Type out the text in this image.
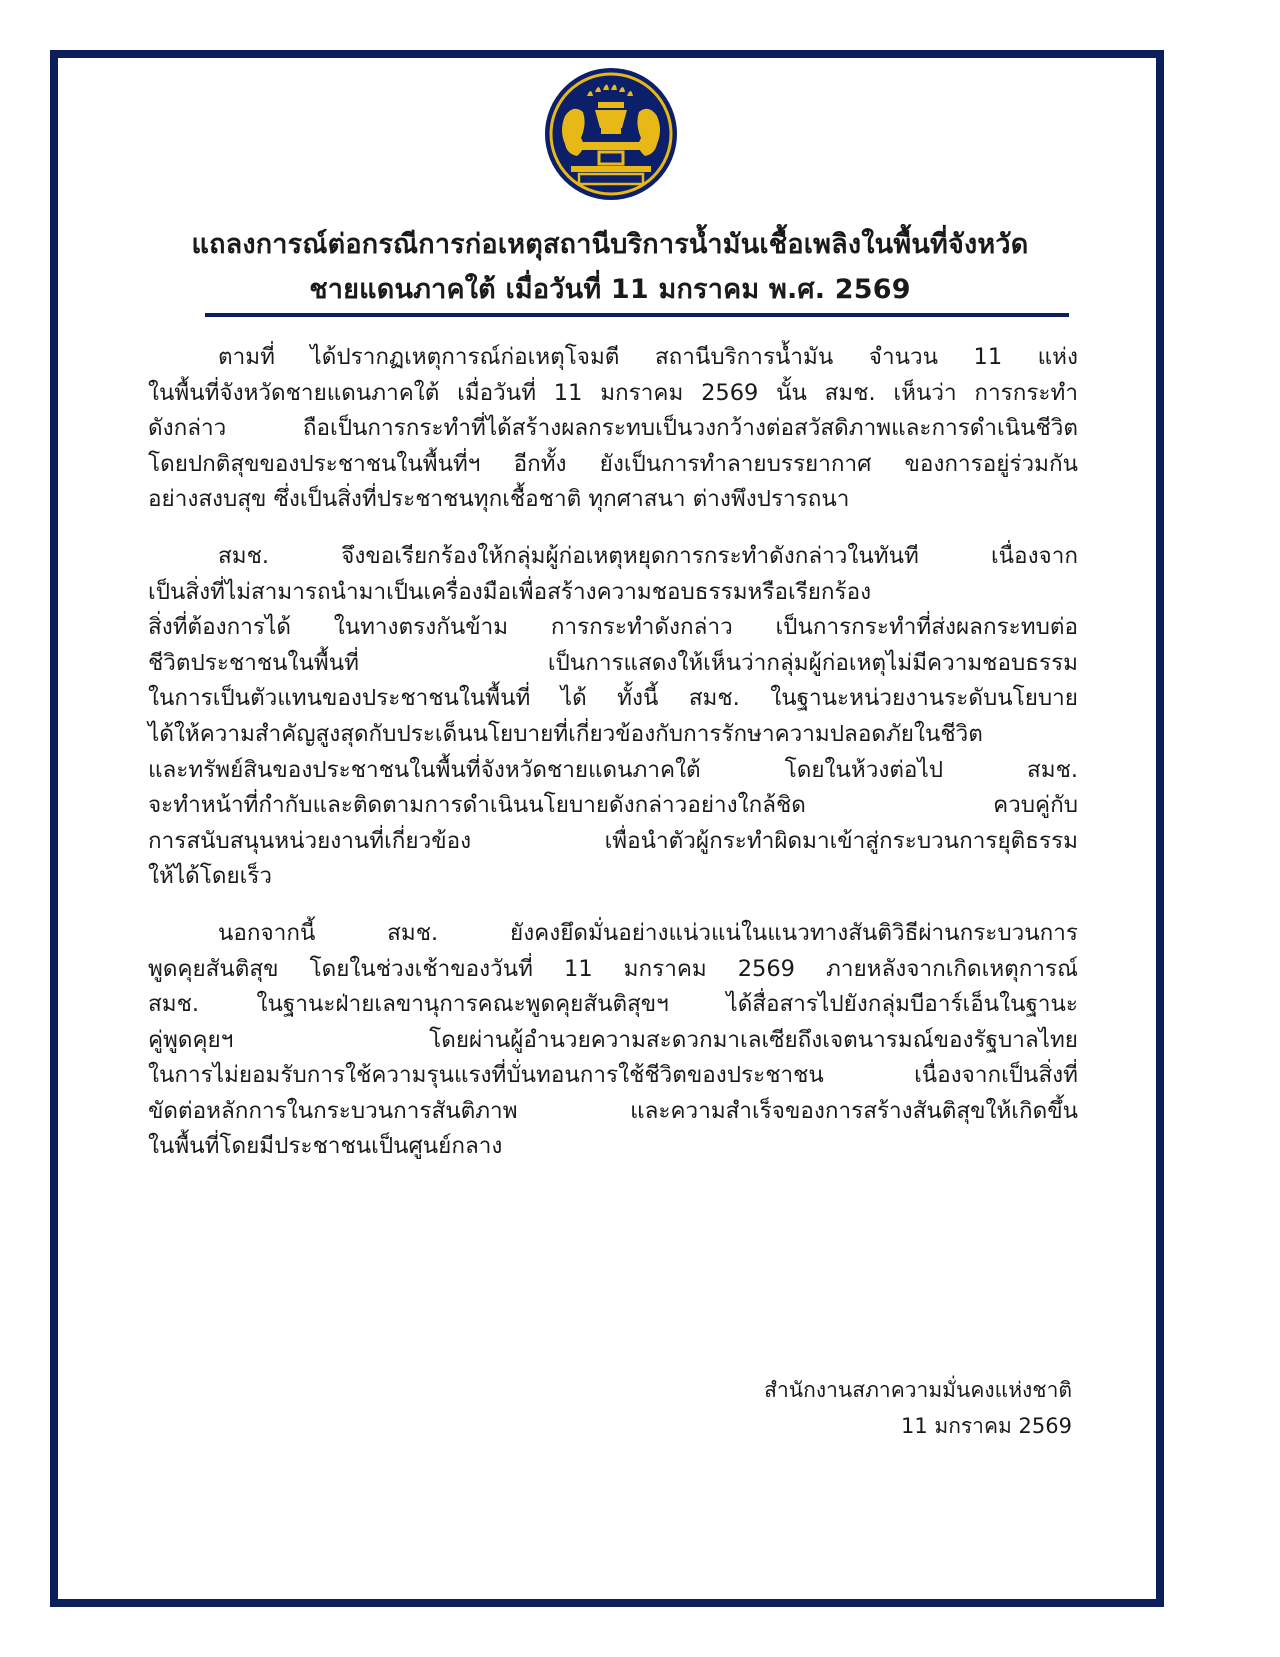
แถลงการณ์ต่อกรณีการก่อเหตุสถานีบริการน้ำมันเชื้อเพลิงในพื้นที่จังหวัด
ชายแดนภาคใต้ เมื่อวันที่ 11 มกราคม พ.ศ. 2569
ตามที่ ได้ปรากฏเหตุการณ์ก่อเหตุโจมตี สถานีบริการน้ำมัน จำนวน 11 แห่ง
ในพื้นที่จังหวัดชายแดนภาคใต้ เมื่อวันที่ 11 มกราคม 2569 นั้น สมช. เห็นว่า การกระทำ
ดังกล่าว ถือเป็นการกระทำที่ได้สร้างผลกระทบเป็นวงกว้างต่อสวัสดิภาพและการดำเนินชีวิต
โดยปกติสุขของประชาชนในพื้นที่ฯ อีกทั้ง ยังเป็นการทำลายบรรยากาศ ของการอยู่ร่วมกัน
อย่างสงบสุข ซึ่งเป็นสิ่งที่ประชาชนทุกเชื้อชาติ ทุกศาสนา ต่างพึงปรารถนา
สมช. จึงขอเรียกร้องให้กลุ่มผู้ก่อเหตุหยุดการกระทำดังกล่าวในทันที เนื่องจาก
เป็นสิ่งที่ไม่สามารถนำมาเป็นเครื่องมือเพื่อสร้างความชอบธรรมหรือเรียกร้อง
สิ่งที่ต้องการได้ ในทางตรงกันข้าม การกระทำดังกล่าว เป็นการกระทำที่ส่งผลกระทบต่อ
ชีวิตประชาชนในพื้นที่ เป็นการแสดงให้เห็นว่ากลุ่มผู้ก่อเหตุไม่มีความชอบธรรม
ในการเป็นตัวแทนของประชาชนในพื้นที่ ได้ ทั้งนี้ สมช. ในฐานะหน่วยงานระดับนโยบาย
ได้ให้ความสำคัญสูงสุดกับประเด็นนโยบายที่เกี่ยวข้องกับการรักษาความปลอดภัยในชีวิต
และทรัพย์สินของประชาชนในพื้นที่จังหวัดชายแดนภาคใต้ โดยในห้วงต่อไป สมช.
จะทำหน้าที่กำกับและติดตามการดำเนินนโยบายดังกล่าวอย่างใกล้ชิด ควบคู่กับ
การสนับสนุนหน่วยงานที่เกี่ยวข้อง เพื่อนำตัวผู้กระทำผิดมาเข้าสู่กระบวนการยุติธรรม
ให้ได้โดยเร็ว
นอกจากนี้ สมช. ยังคงยึดมั่นอย่างแน่วแน่ในแนวทางสันติวิธีผ่านกระบวนการ
พูดคุยสันติสุข โดยในช่วงเช้าของวันที่ 11 มกราคม 2569 ภายหลังจากเกิดเหตุการณ์
สมช. ในฐานะฝ่ายเลขานุการคณะพูดคุยสันติสุขฯ ได้สื่อสารไปยังกลุ่มบีอาร์เอ็นในฐานะ
คู่พูดคุยฯ โดยผ่านผู้อำนวยความสะดวกมาเลเซียถึงเจตนารมณ์ของรัฐบาลไทย
ในการไม่ยอมรับการใช้ความรุนแรงที่บั่นทอนการใช้ชีวิตของประชาชน เนื่องจากเป็นสิ่งที่
ขัดต่อหลักการในกระบวนการสันติภาพ และความสำเร็จของการสร้างสันติสุขให้เกิดขึ้น
ในพื้นที่โดยมีประชาชนเป็นศูนย์กลาง
สำนักงานสภาความมั่นคงแห่งชาติ
11 มกราคม 2569
